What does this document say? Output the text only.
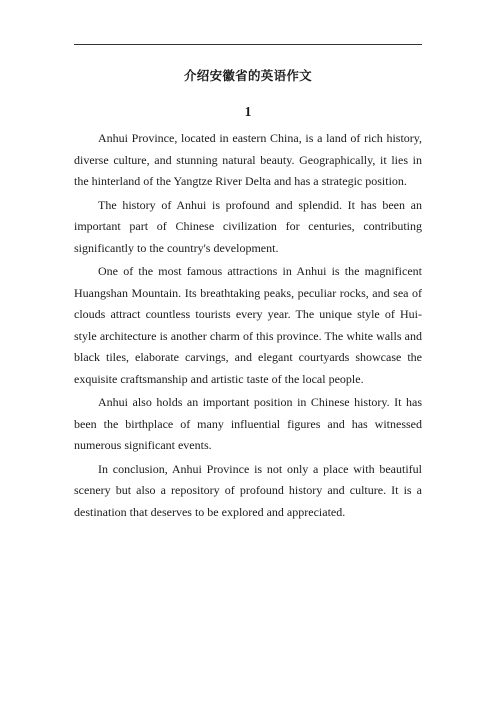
介绍安徽省的英语作文
1

Anhui Province, located in eastern China, is a land of rich history, diverse culture, and stunning natural beauty. Geographically, it lies in the hinterland of the Yangtze River Delta and has a strategic position.

The history of Anhui is profound and splendid. It has been an important part of Chinese civilization for centuries, contributing significantly to the country's development.

One of the most famous attractions in Anhui is the magnificent Huangshan Mountain. Its breathtaking peaks, peculiar rocks, and sea of clouds attract countless tourists every year. The unique style of Hui-style architecture is another charm of this province. The white walls and black tiles, elaborate carvings, and elegant courtyards showcase the exquisite craftsmanship and artistic taste of the local people.

Anhui also holds an important position in Chinese history. It has been the birthplace of many influential figures and has witnessed numerous significant events.

In conclusion, Anhui Province is not only a place with beautiful scenery but also a repository of profound history and culture. It is a destination that deserves to be explored and appreciated.
